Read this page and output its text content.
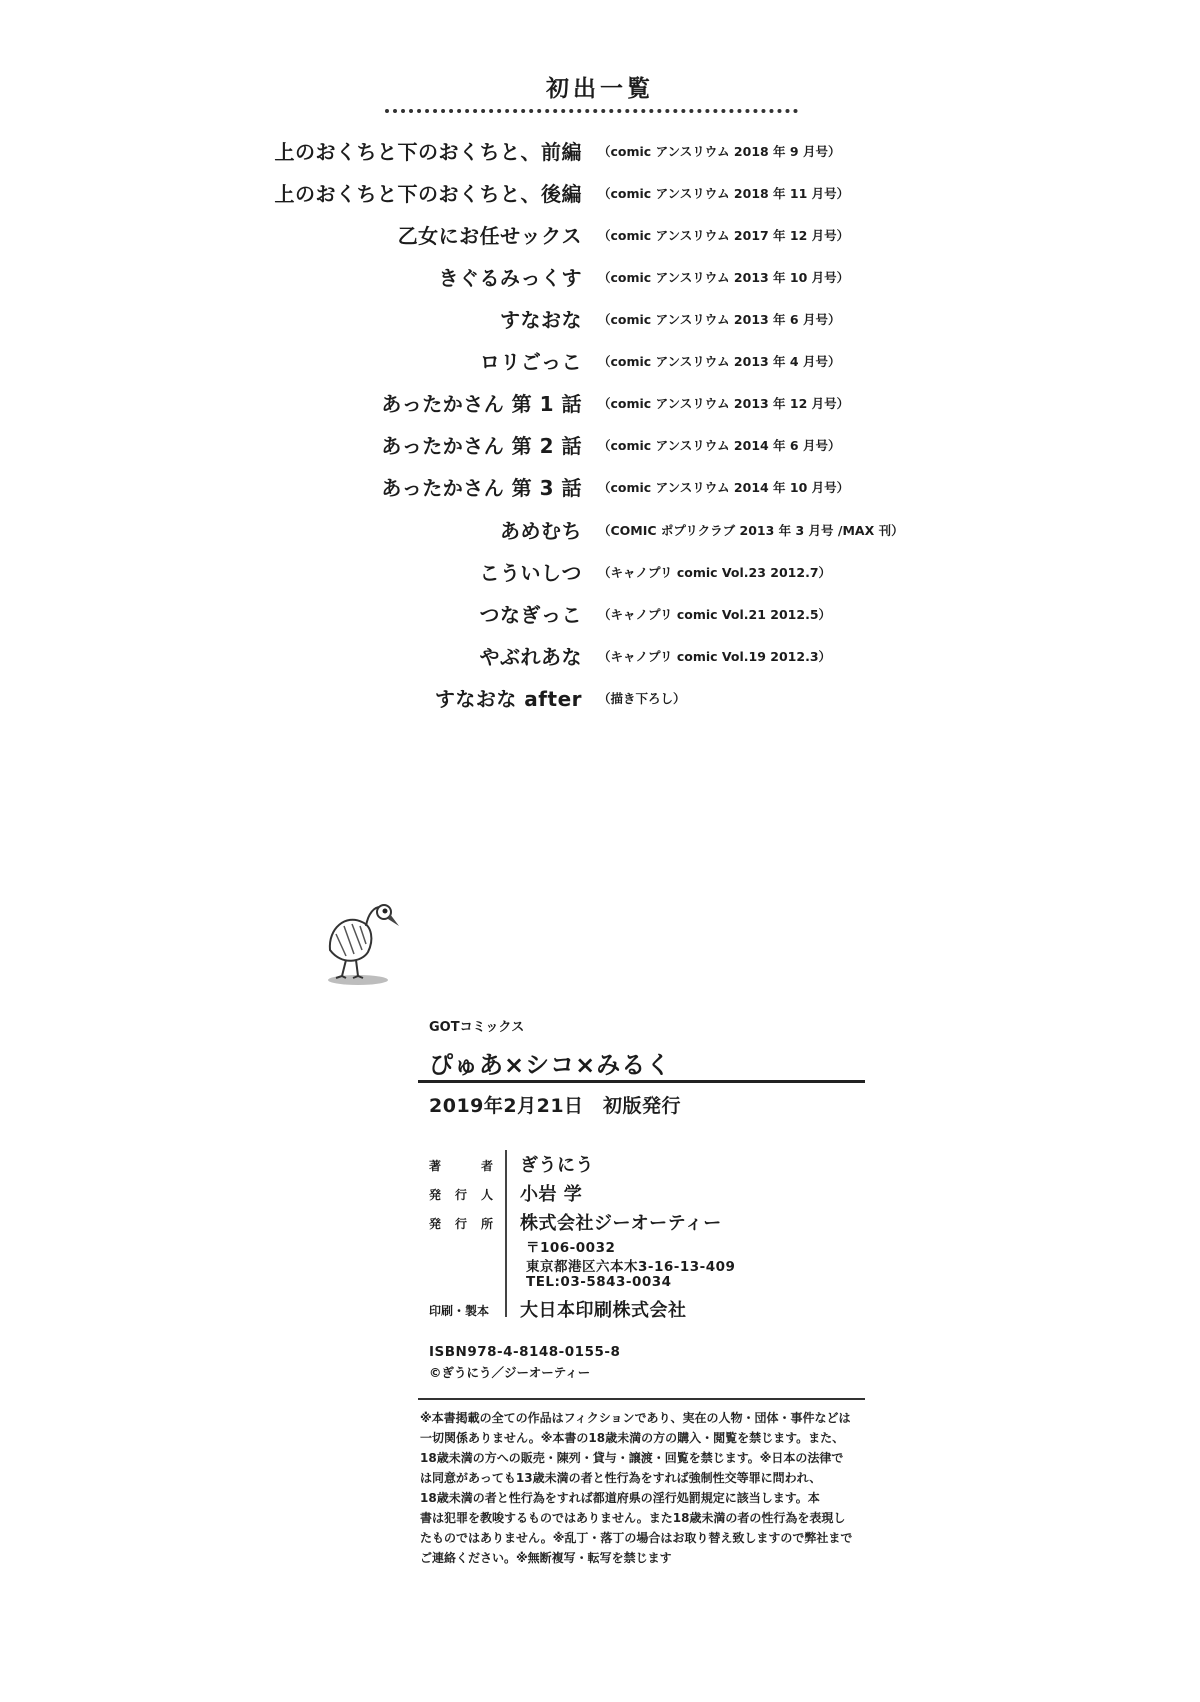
初出一覧
上のおくちと下のおくちと、前編 （comic アンスリウム 2018 年 9 月号）
上のおくちと下のおくちと、後編 （comic アンスリウム 2018 年 11 月号）
乙女にお任せックス （comic アンスリウム 2017 年 12 月号）
きぐるみっくす （comic アンスリウム 2013 年 10 月号）
すなおな （comic アンスリウム 2013 年 6 月号）
ロリごっこ （comic アンスリウム 2013 年 4 月号）
あったかさん 第 1 話 （comic アンスリウム 2013 年 12 月号）
あったかさん 第 2 話 （comic アンスリウム 2014 年 6 月号）
あったかさん 第 3 話 （comic アンスリウム 2014 年 10 月号）
あめむち （COMIC ポプリクラブ 2013 年 3 月号 /MAX 刊）
こういしつ （キャノプリ comic Vol.23 2012.7）
つなぎっこ （キャノプリ comic Vol.21 2012.5）
やぶれあな （キャノプリ comic Vol.19 2012.3）
すなおな after （描き下ろし）
GOTコミックス
ぴゅあ×シコ×みるく
2019年2月21日　初版発行
著　者 ぎうにう
発行人 小岩 学
発行所 株式会社ジーオーティー
〒106-0032
東京都港区六本木3-16-13-409
TEL:03-5843-0034
印刷・製本 大日本印刷株式会社
ISBN978-4-8148-0155-8
©ぎうにう／ジーオーティー
※本書掲載の全ての作品はフィクションであり、実在の人物・団体・事件などは
一切関係ありません。※本書の18歳未満の方の購入・閲覧を禁じます。また、
18歳未満の方への販売・陳列・貸与・譲渡・回覧を禁じます。※日本の法律で
は同意があっても13歳未満の者と性行為をすれば強制性交等罪に問われ、
18歳未満の者と性行為をすれば都道府県の淫行処罰規定に該当します。本
書は犯罪を教唆するものではありません。また18歳未満の者の性行為を表現し
たものではありません。※乱丁・落丁の場合はお取り替え致しますので弊社まで
ご連絡ください。※無断複写・転写を禁じます
